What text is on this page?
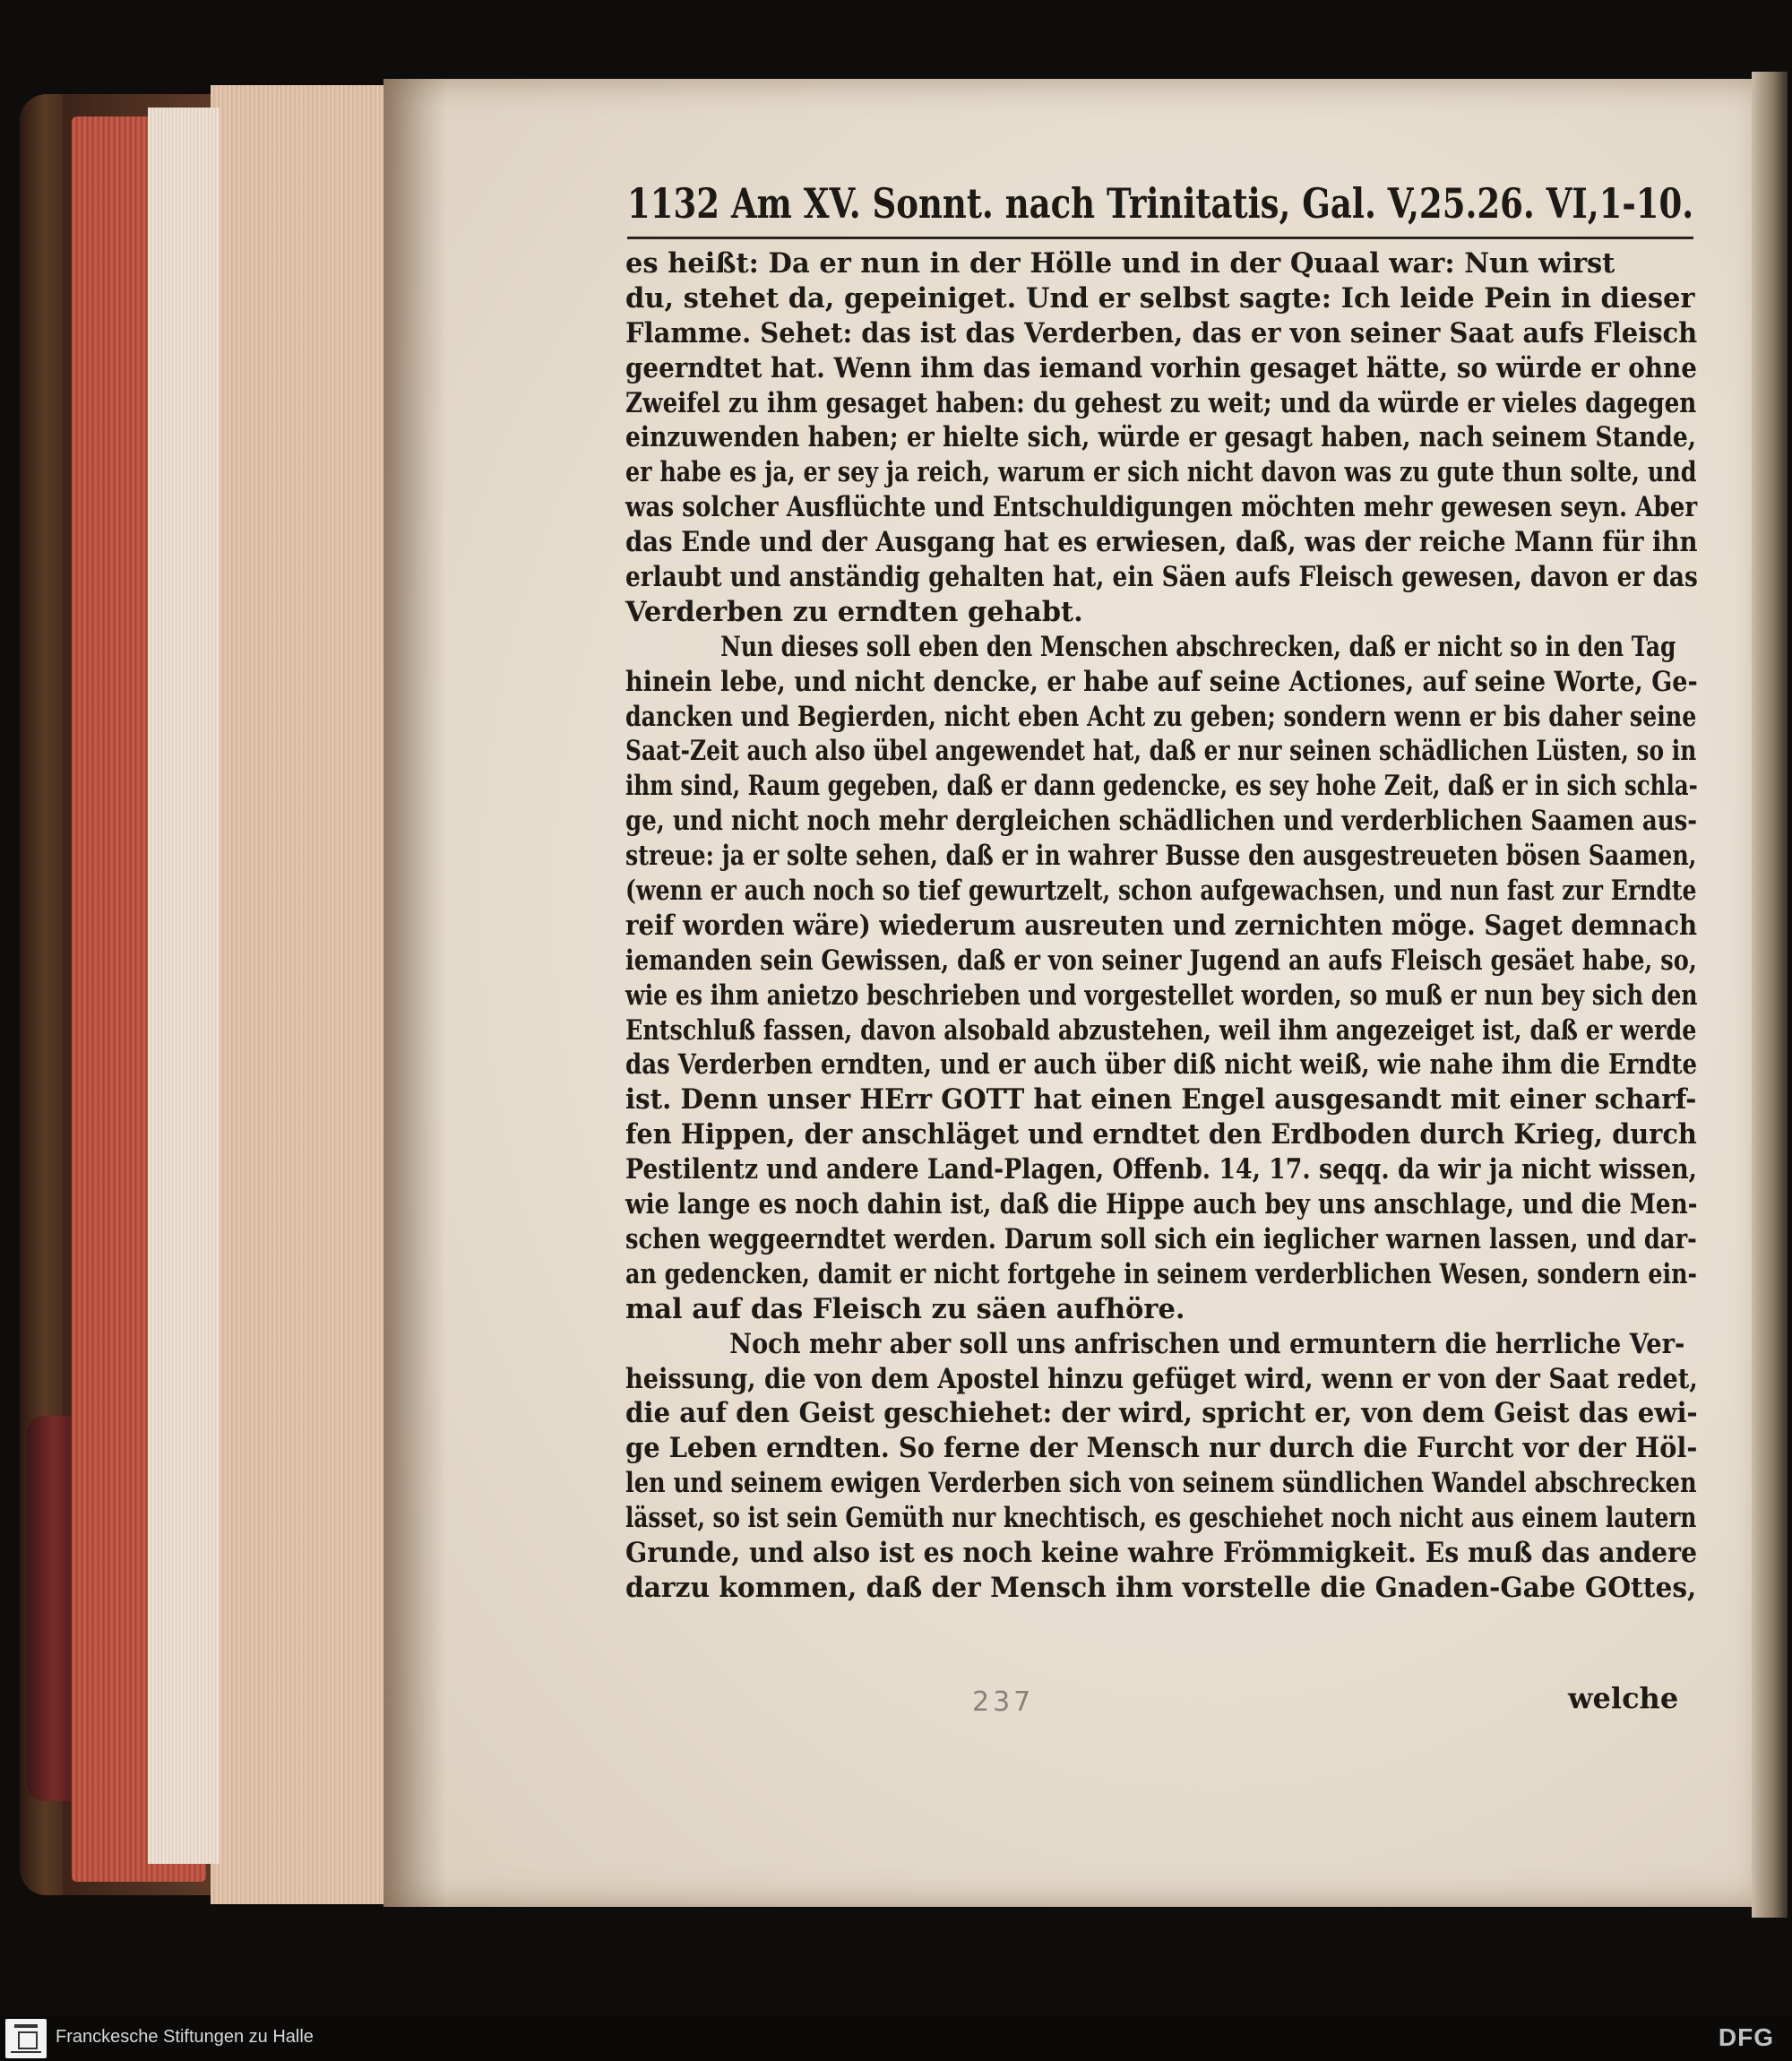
1132 Am XV. Sonnt. nach Trinitatis, Gal. V,25.26. VI,1-10.
es heißt: Da er nun in der Hölle und in der Quaal war: Nun wirst
du, stehet da, gepeiniget. Und er selbst sagte: Ich leide Pein in dieser
Flamme. Sehet: das ist das Verderben, das er von seiner Saat aufs Fleisch
geerndtet hat. Wenn ihm das iemand vorhin gesaget hätte, so würde er ohne
Zweifel zu ihm gesaget haben: du gehest zu weit; und da würde er vieles dagegen
einzuwenden haben; er hielte sich, würde er gesagt haben, nach seinem Stande,
er habe es ja, er sey ja reich, warum er sich nicht davon was zu gute thun solte, und
was solcher Ausflüchte und Entschuldigungen möchten mehr gewesen seyn. Aber
das Ende und der Ausgang hat es erwiesen, daß, was der reiche Mann für ihn
erlaubt und anständig gehalten hat, ein Säen aufs Fleisch gewesen, davon er das
Verderben zu erndten gehabt.
Nun dieses soll eben den Menschen abschrecken, daß er nicht so in den Tag
hinein lebe, und nicht dencke, er habe auf seine Actiones, auf seine Worte, Ge-
dancken und Begierden, nicht eben Acht zu geben; sondern wenn er bis daher seine
Saat-Zeit auch also übel angewendet hat, daß er nur seinen schädlichen Lüsten, so in
ihm sind, Raum gegeben, daß er dann gedencke, es sey hohe Zeit, daß er in sich schla-
ge, und nicht noch mehr dergleichen schädlichen und verderblichen Saamen aus-
streue: ja er solte sehen, daß er in wahrer Busse den ausgestreueten bösen Saamen,
(wenn er auch noch so tief gewurtzelt, schon aufgewachsen, und nun fast zur Erndte
reif worden wäre) wiederum ausreuten und zernichten möge. Saget demnach
iemanden sein Gewissen, daß er von seiner Jugend an aufs Fleisch gesäet habe, so,
wie es ihm anietzo beschrieben und vorgestellet worden, so muß er nun bey sich den
Entschluß fassen, davon alsobald abzustehen, weil ihm angezeiget ist, daß er werde
das Verderben erndten, und er auch über diß nicht weiß, wie nahe ihm die Erndte
ist. Denn unser HErr GOTT hat einen Engel ausgesandt mit einer scharf-
fen Hippen, der anschläget und erndtet den Erdboden durch Krieg, durch
Pestilentz und andere Land-Plagen, Offenb. 14, 17. seqq. da wir ja nicht wissen,
wie lange es noch dahin ist, daß die Hippe auch bey uns anschlage, und die Men-
schen weggeerndtet werden. Darum soll sich ein ieglicher warnen lassen, und dar-
an gedencken, damit er nicht fortgehe in seinem verderblichen Wesen, sondern ein-
mal auf das Fleisch zu säen aufhöre.
Noch mehr aber soll uns anfrischen und ermuntern die herrliche Ver-
heissung, die von dem Apostel hinzu gefüget wird, wenn er von der Saat redet,
die auf den Geist geschiehet: der wird, spricht er, von dem Geist das ewi-
ge Leben erndten. So ferne der Mensch nur durch die Furcht vor der Höl-
len und seinem ewigen Verderben sich von seinem sündlichen Wandel abschrecken
lässet, so ist sein Gemüth nur knechtisch, es geschiehet noch nicht aus einem lautern
Grunde, und also ist es noch keine wahre Frömmigkeit. Es muß das andere
darzu kommen, daß der Mensch ihm vorstelle die Gnaden-Gabe GOttes,
237	welche
Franckesche Stiftungen zu Halle	DFG
